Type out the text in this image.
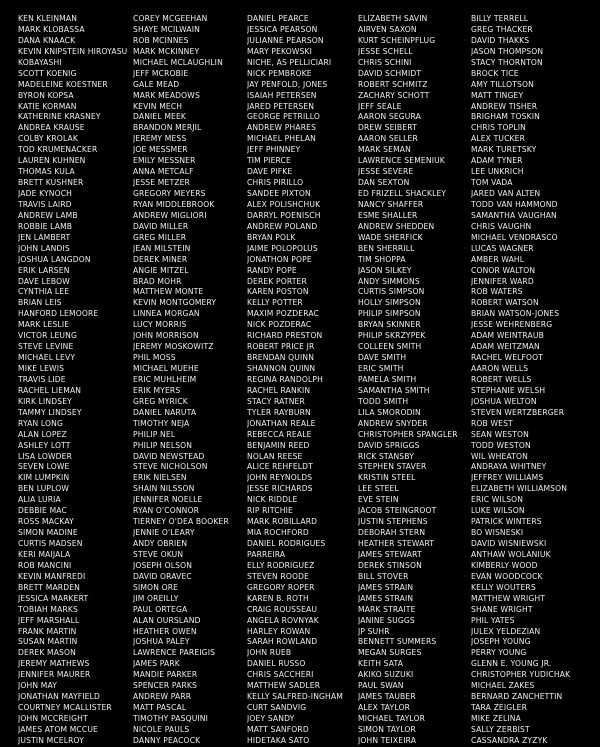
KEN KLEINMAN
MARK KLOBASSA
DANA KNAACK
KEVIN KNIPSTEIN HIROYASU
KOBAYASHI
SCOTT KOENIG
MADELEINE KOESTNER
BYRON KOPSA
KATIE KORMAN
KATHERINE KRASNEY
ANDREA KRAUSE
COLBY KROLAK
TOD KRUMENACKER
LAUREN KUHNEN
THOMAS KULA
BRETT KUSHNER
JADE KYNOCH
TRAVIS LAIRD
ANDREW LAMB
ROBBIE LAMB
JEN LAMBERT
JOHN LANDIS
JOSHUA LANGDON
ERIK LARSEN
DAVE LEBOW
CYNTHIA LEE
BRIAN LEIS
HANFORD LEMOORE
MARK LESLIE
VICTOR LEUNG
STEVE LEVINE
MICHAEL LEVY
MIKE LEWIS
TRAVIS LIDE
RACHEL LIEMAN
KIRK LINDSEY
TAMMY LINDSEY
RYAN LONG
ALAN LOPEZ
ASHLEY LOTT
LISA LOWDER
SEVEN LOWE
KIM LUMPKIN
BEN LUPLOW
ALIA LURIA
DEBBIE MAC
ROSS MACKAY
SIMON MADINE
CURTIS MADSEN
KERI MAIJALA
ROB MANCINI
KEVIN MANFREDI
BRETT MARDEN
JESSICA MARKERT
TOBIAH MARKS
JEFF MARSHALL
FRANK MARTIN
SUSAN MARTIN
DEREK MASON
JEREMY MATHEWS
JENNIFER MAURER
JOHN MAY
JONATHAN MAYFIELD
COURTNEY MCALLISTER
JOHN MCCREIGHT
JAMES ATOM MCCUE
JUSTIN MCELROY
COREY MCGEEHAN
SHAYE MCILWAIN
ROB MCINNES
MARK MCKINNEY
MICHAEL MCLAUGHLIN
JEFF MCROBIE
GALE MEAD
MARK MEADOWS
KEVIN MECH
DANIEL MEEK
BRANDON MERJIL
JEREMY MESS
JOE MESSMER
EMILY MESSNER
ANNA METCALF
JESSE METZER
GREGORY MEYERS
RYAN MIDDLEBROOK
ANDREW MIGLIORI
DAVID MILLER
GREG MILLER
JEAN MILSTEIN
DEREK MINER
ANGIE MITZEL
BRAD MOHR
MATTHEW MONTE
KEVIN MONTGOMERY
LINNEA MORGAN
LUCY MORRIS
JOHN MORRISON
JEREMY MOSKOWITZ
PHIL MOSS
MICHAEL MUEHE
ERIC MUHLHEIM
ERIK MYERS
GREG MYRICK
DANIEL NARUTA
TIMOTHY NEJA
PHILIP NEL
PHILIP NELSON
DAVID NEWSTEAD
STEVE NICHOLSON
ERIK NIELSEN
SHAIN NILSSON
JENNIFER NOELLE
RYAN O'CONNOR
TIERNEY O'DEA BOOKER
JENNIE O'LEARY
ANDY OBRIEN
STEVE OKUN
JOSEPH OLSON
DAVID ORAVEC
SIMON ORE
JIM OREILLY
PAUL ORTEGA
ALAN OURSLAND
HEATHER OWEN
JOSHUA PALEY
LAWRENCE PAREIGIS
JAMES PARK
MANDIE PARKER
SPENCER PARKS
ANDREW PARR
MATT PASCAL
TIMOTHY PASQUINI
NICOLE PAULS
DANNY PEACOCK
DANIEL PEARCE
JESSICA PEARSON
JULIANNE PEARSON
MARY PEKOWSKI
NICHE, AS PELLICIARI
NICK PEMBROKE
JAY PENFOLD, JONES
ISAIAH PETERSEN
JARED PETERSEN
GEORGE PETRILLO
ANDREW PHARES
MICHAEL PHELAN
JEFF PHINNEY
TIM PIERCE
DAVE PIFKE
CHRIS PIRILLO
SANDEE PIXTON
ALEX POLISHCHUK
DARRYL POENISCH
ANDREW POLAND
BRYAN POLK
JAIME POLOPOLUS
JONATHON POPE
RANDY POPE
DEREK PORTER
KAREN POSTON
KELLY POTTER
MAXIM POZDERAC
NICK POZDERAC
RICHARD PRESTON
ROBERT PRICE JR
BRENDAN QUINN
SHANNON QUINN
REGINA RANDOLPH
RACHEL RANKIN
STACY RATNER
TYLER RAYBURN
JONATHAN REALE
REBECCA REALE
BENJAMIN REED
NOLAN REESE
ALICE REHFELDT
JOHN REYNOLDS
JESSE RICHARDS
NICK RIDDLE
RIP RITCHIE
MARK ROBILLARD
MIA ROCHFORD
DANIEL RODRIGUES
PARREIRA
ELLY RODRIGUEZ
STEVEN ROODE
GREGORY ROPER
KAREN B. ROTH
CRAIG ROUSSEAU
ANGELA ROVNYAK
HARLEY ROWAN
SARAH ROWLAND
JOHN RUEB
DANIEL RUSSO
CHRIS SACCHERI
MATTHEW SADLER
KELLY SALFRED-INGHAM
CURT SANDVIG
JOEY SANDY
MATT SANFORD
HIDETAKA SATO
ELIZABETH SAVIN
AIRVEN SAXON
KURT SCHEINPFLUG
JESSE SCHELL
CHRIS SCHINI
DAVID SCHMIDT
ROBERT SCHMITZ
ZACHARY SCHOTT
JEFF SEALE
AARON SEGURA
DREW SEIBERT
AARON SELLER
MARK SEMAN
LAWRENCE SEMENIUK
JESSE SEVERE
DAN SEXTON
ED FRIZELL SHACKLEY
NANCY SHAFFER
ESME SHALLER
ANDREW SHEDDEN
WADE SHERFICK
BEN SHERRILL
TIM SHOPPA
JASON SILKEY
ANDY SIMMONS
CURTIS SIMPSON
HOLLY SIMPSON
PHILIP SIMPSON
BRYAN SKINNER
PHILIP SKRZYPEK
COLLEEN SMITH
DAVE SMITH
ERIC SMITH
PAMELA SMITH
SAMANTHA SMITH
TODD SMITH
LILA SMORODIN
ANDREW SNYDER
CHRISTOPHER SPANGLER
DAVID SPRIGGS
RICK STANSBY
STEPHEN STAVER
KRISTIN STEEL
LEE STEEL
EVE STEIN
JACOB STEINGROOT
JUSTIN STEPHENS
DEBORAH STERN
HEATHER STEWART
JAMES STEWART
DEREK STINSON
BILL STOVER
JAMES STRAIN
JAMES STRAIN
MARK STRAITE
JANINE SUGGS
JP SUHR
BENNETT SUMMERS
MEGAN SURGES
KEITH SATA
AKIKO SUZUKI
PAUL SWAN
JAMES TAUBER
ALEX TAYLOR
MICHAEL TAYLOR
SIMON TAYLOR
JOHN TEIXEIRA
BILLY TERRELL
GREG THACKER
DAVID THAKKS
JASON THOMPSON
STACY THORNTON
BROCK TICE
AMY TILLOTSON
MATT TINGEY
ANDREW TISHER
BRIGHAM TOSKIN
CHRIS TOPLIN
ALEX TUCKER
MARK TURETSKY
ADAM TYNER
LEE UNKRICH
TOM VADA
JARED VAN ALTEN
TODD VAN HAMMOND
SAMANTHA VAUGHAN
CHRIS VAUGHN
MICHAEL VENDRASCO
LUCAS WAGNER
AMBER WAHL
CONOR WALTON
JENNIFER WARD
ROB WATERS
ROBERT WATSON
BRIAN WATSON-JONES
JESSE WEHRENBERG
ADAM WEINTRAUB
ADAM WEITZMAN
RACHEL WELFOOT
AARON WELLS
ROBERT WELLS
STEPHANIE WELSH
JOSHUA WELTON
STEVEN WERTZBERGER
ROB WEST
SEAN WESTON
TODD WESTON
WIL WHEATON
ANDRAYA WHITNEY
JEFFREY WILLIAMS
ELIZABETH WILLIAMSON
ERIC WILSON
LUKE WILSON
PATRICK WINTERS
BO WISNESKI
DAVID WISNIEWSKI
ANTHAW WOLANIUK
KIMBERLY WOOD
EVAN WOODCOCK
KELLY WOUTERS
MATTHEW WRIGHT
SHANE WRIGHT
PHIL YATES
JULEX YELDEZIAN
JOSEPH YOUNG
PERRY YOUNG
GLENN E. YOUNG JR.
CHRISTOPHER YUDICHAK
MICHAEL ZAKES
BERNARD ZANCHETTIN
TARA ZEIGLER
MIKE ZELINA
SALLY ZERBIST
CASSANDRA ZYZYK
